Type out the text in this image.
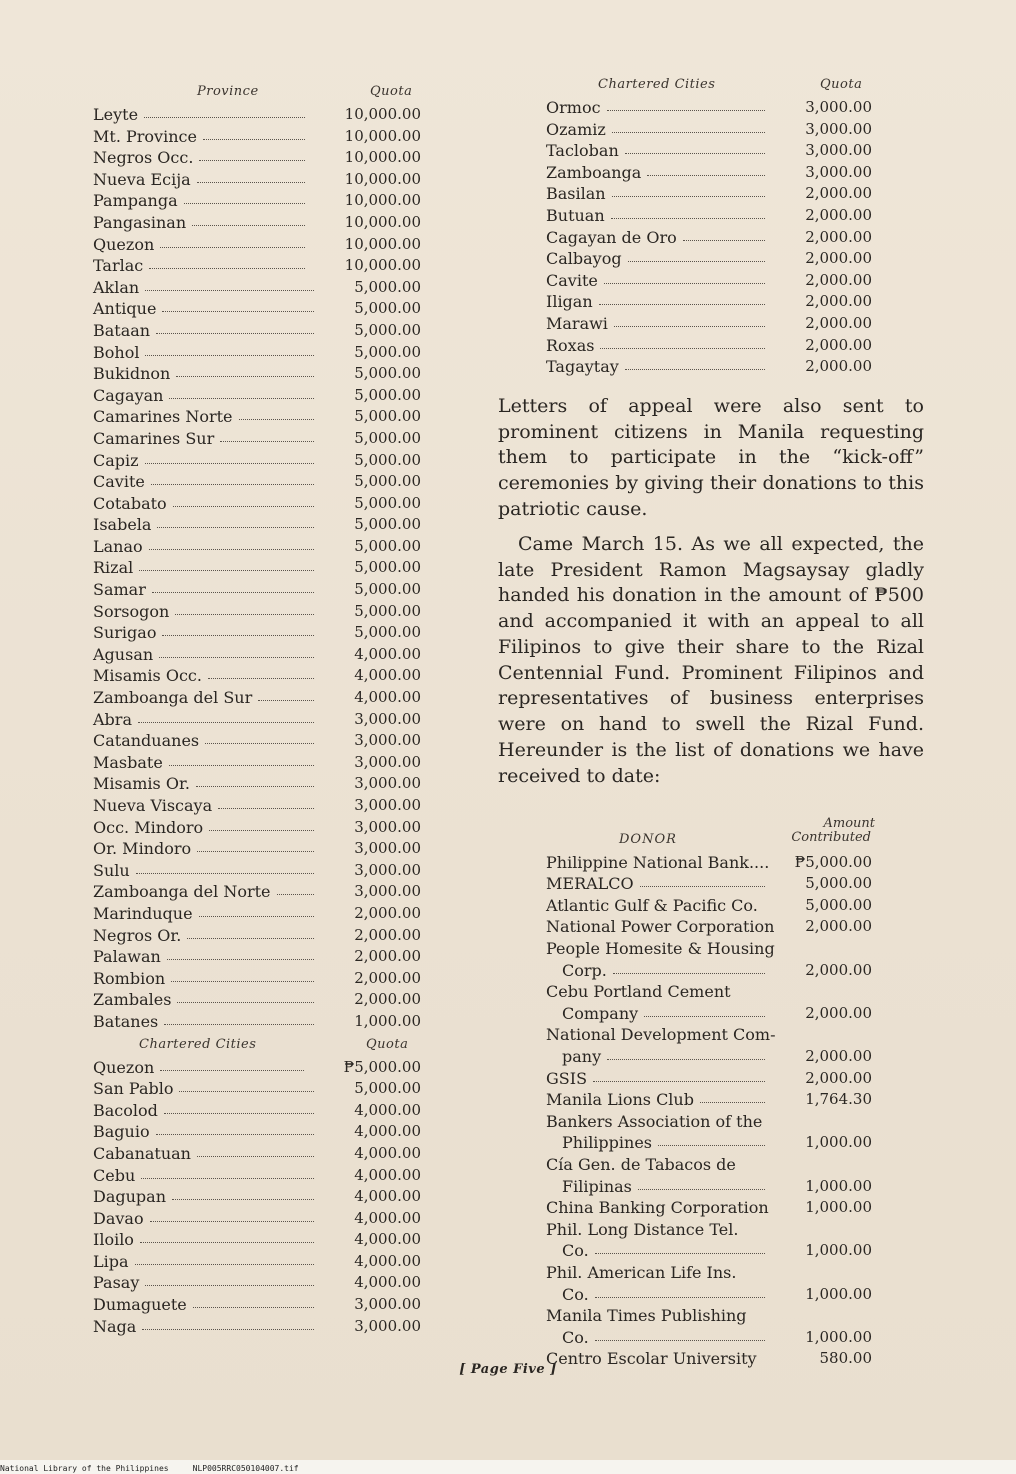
Province	Quota
Leyte	10,000.00
Mt. Province	10,000.00
Negros Occ.	10,000.00
Nueva Ecija	10,000.00
Pampanga	10,000.00
Pangasinan	10,000.00
Quezon	10,000.00
Tarlac	10,000.00
Aklan	5,000.00
Antique	5,000.00
Bataan	5,000.00
Bohol	5,000.00
Bukidnon	5,000.00
Cagayan	5,000.00
Camarines Norte	5,000.00
Camarines Sur	5,000.00
Capiz	5,000.00
Cavite	5,000.00
Cotabato	5,000.00
Isabela	5,000.00
Lanao	5,000.00
Rizal	5,000.00
Samar	5,000.00
Sorsogon	5,000.00
Surigao	5,000.00
Agusan	4,000.00
Misamis Occ.	4,000.00
Zamboanga del Sur	4,000.00
Abra	3,000.00
Catanduanes	3,000.00
Masbate	3,000.00
Misamis Or.	3,000.00
Nueva Viscaya	3,000.00
Occ. Mindoro	3,000.00
Or. Mindoro	3,000.00
Sulu	3,000.00
Zamboanga del Norte	3,000.00
Marinduque	2,000.00
Negros Or.	2,000.00
Palawan	2,000.00
Rombion	2,000.00
Zambales	2,000.00
Batanes	1,000.00
Chartered Cities	Quota
Quezon	₱5,000.00
San Pablo	5,000.00
Bacolod	4,000.00
Baguio	4,000.00
Cabanatuan	4,000.00
Cebu	4,000.00
Dagupan	4,000.00
Davao	4,000.00
Iloilo	4,000.00
Lipa	4,000.00
Pasay	4,000.00
Dumaguete	3,000.00
Naga	3,000.00
Chartered Cities	Quota
Ormoc	3,000.00
Ozamiz	3,000.00
Tacloban	3,000.00
Zamboanga	3,000.00
Basilan	2,000.00
Butuan	2,000.00
Cagayan de Oro	2,000.00
Calbayog	2,000.00
Cavite	2,000.00
Iligan	2,000.00
Marawi	2,000.00
Roxas	2,000.00
Tagaytay	2,000.00

Letters of appeal were also sent to prominent citizens in Manila requesting them to participate in the “kick-off” ceremonies by giving their donations to this patriotic cause.

Came March 15. As we all expected, the late President Ramon Magsaysay gladly handed his donation in the amount of ₱500 and accompanied it with an appeal to all Filipinos to give their share to the Rizal Centennial Fund. Prominent Filipinos and representatives of business enterprises were on hand to swell the Rizal Fund. Hereunder is the list of donations we have received to date:

DONOR
Amount
Contributed
Philippine National Bank.... ₱5,000.00
MERALCO	5,000.00
Atlantic Gulf & Pacific Co.	5,000.00
National Power Corporation 2,000.00
People Homesite & Housing
Corp.	2,000.00
Cebu Portland Cement
Company	2,000.00
National Development Com-
pany	2,000.00
GSIS	2,000.00
Manila Lions Club	1,764.30
Bankers Association of the
Philippines	1,000.00
Cía Gen. de Tabacos de
Filipinas	1,000.00
China Banking Corporation 1,000.00
Phil. Long Distance Tel.
Co.	1,000.00
Phil. American Life Ins.
Co.	1,000.00
Manila Times Publishing
Co.	1,000.00
Centro Escolar University	580.00
[ Page Five ]
National Library of the Philippines     NLP005RRC050104007.tif
